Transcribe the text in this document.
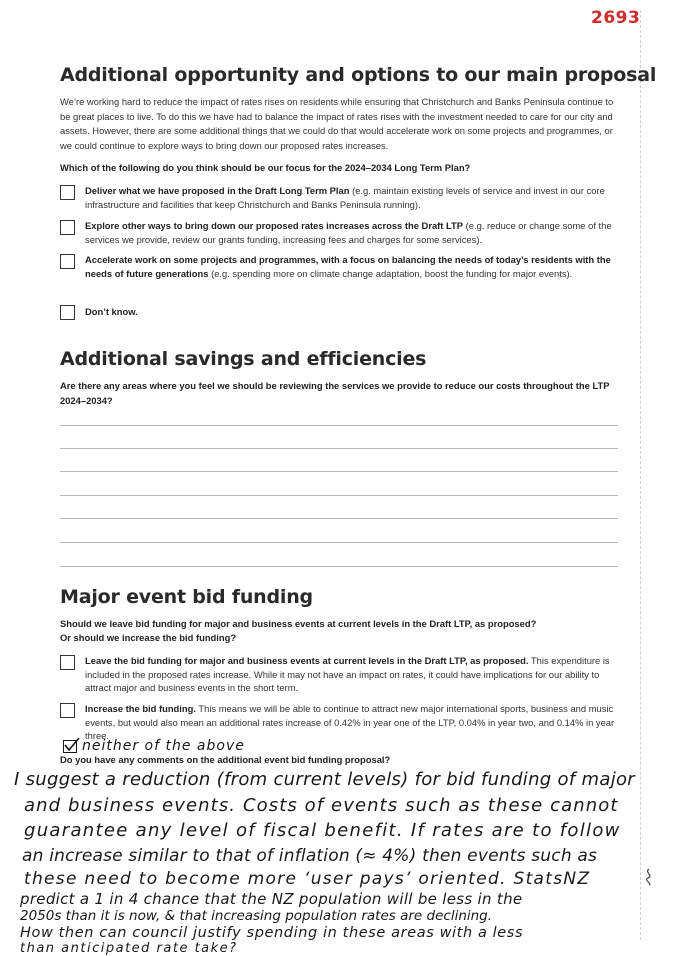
2693
Additional opportunity and options to our main proposal
We’re working hard to reduce the impact of rates rises on residents while ensuring that Christchurch and Banks Peninsula continue to be great places to live. To do this we have had to balance the impact of rates rises with the investment needed to care for our city and assets. However, there are some additional things that we could do that would accelerate work on some projects and programmes, or we could continue to explore ways to bring down our proposed rates increases.
Which of the following do you think should be our focus for the 2024–2034 Long Term Plan?
Deliver what we have proposed in the Draft Long Term Plan (e.g. maintain existing levels of service and invest in our core infrastructure and facilities that keep Christchurch and Banks Peninsula running).
Explore other ways to bring down our proposed rates increases across the Draft LTP (e.g. reduce or change some of the services we provide, review our grants funding, increasing fees and charges for some services).
Accelerate work on some projects and programmes, with a focus on balancing the needs of today’s residents with the needs of future generations (e.g. spending more on climate change adaptation, boost the funding for major events).
Don’t know.
Additional savings and efficiencies
Are there any areas where you feel we should be reviewing the services we provide to reduce our costs throughout the LTP 2024–2034?
Major event bid funding
Should we leave bid funding for major and business events at current levels in the Draft LTP, as proposed?
Or should we increase the bid funding?
Leave the bid funding for major and business events at current levels in the Draft LTP, as proposed. This expenditure is included in the proposed rates increase. While it may not have an impact on rates, it could have implications for our ability to attract major and business events in the short term.
Increase the bid funding. This means we will be able to continue to attract new major international sports, business and music events, but would also mean an additional rates increase of 0.42% in year one of the LTP, 0.04% in year two, and 0.14% in year three.
neither of the above
Do you have any comments on the additional event bid funding proposal?
I suggest a reduction (from current levels) for bid funding of major
and business events. Costs of events such as these cannot
guarantee any level of fiscal benefit. If rates are to follow
an increase similar to that of inflation (≈ 4%) then events such as
these need to become more ‘user pays’ oriented. StatsNZ
predict a 1 in 4 chance that the NZ population will be less in the
2050s than it is now, & that increasing population rates are declining.
How then can council justify spending in these areas with a less
than anticipated rate take?
